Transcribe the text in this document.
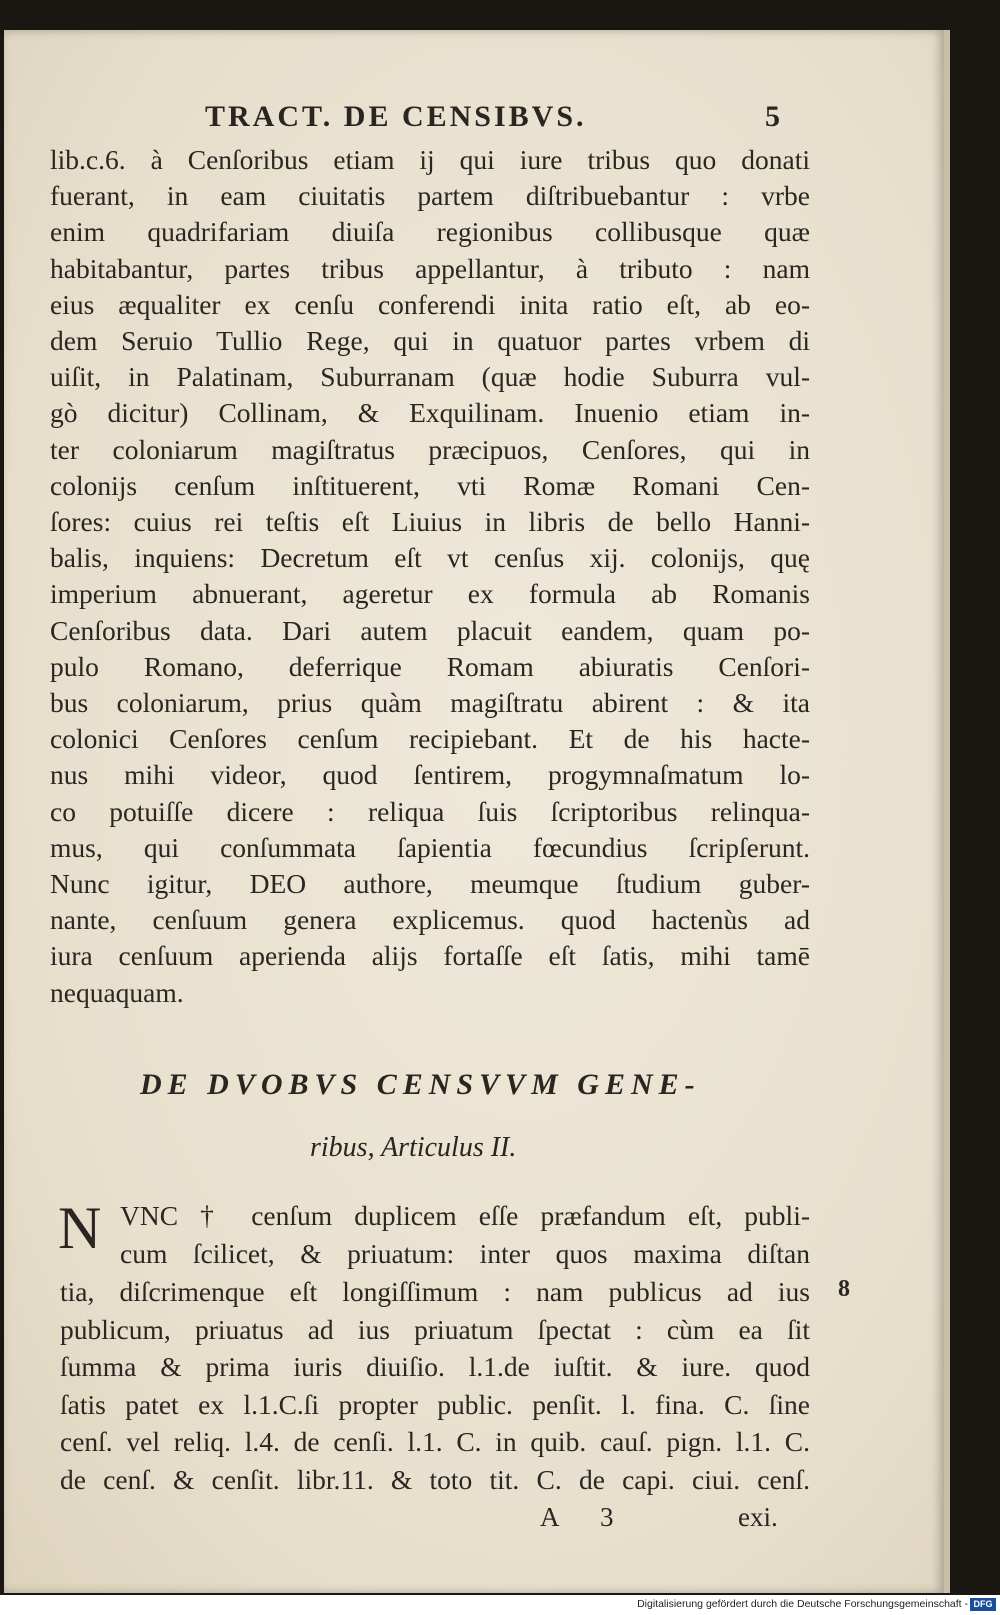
TRACT. DE CENSIBVS.	5
lib.c.6. à Cenſoribus etiam ij qui iure tribus quo donati
fuerant, in eam ciuitatis partem diſtribuebantur : vrbe
enim quadrifariam diuiſa regionibus collibusque quæ
habitabantur, partes tribus appellantur, à tributo : nam
eius æqualiter ex cenſu conferendi inita ratio eſt, ab eo-
dem Seruio Tullio Rege, qui in quatuor partes vrbem di
uiſit, in Palatinam, Suburranam (quæ hodie Suburra vul-
gò dicitur) Collinam, & Exquilinam. Inuenio etiam in-
ter coloniarum magiſtratus præcipuos, Cenſores, qui in
colonijs cenſum inſtituerent, vti Romæ Romani Cen-
ſores: cuius rei teſtis eſt Liuius in libris de bello Hanni-
balis, inquiens: Decretum eſt vt cenſus xij. colonijs, quę
imperium abnuerant, ageretur ex formula ab Romanis
Cenſoribus data. Dari autem placuit eandem, quam po-
pulo Romano, deferrique Romam abiuratis Cenſori-
bus coloniarum, prius quàm magiſtratu abirent : & ita
colonici Cenſores cenſum recipiebant. Et de his hacte-
nus mihi videor, quod ſentirem, progymnaſmatum lo-
co potuiſſe dicere : reliqua ſuis ſcriptoribus relinqua-
mus, qui conſummata ſapientia fœcundius ſcripſerunt.
Nunc igitur, DEO authore, meumque ſtudium guber-
nante, cenſuum genera explicemus. quod hactenùs ad
iura cenſuum aperienda alijs fortaſſe eſt ſatis, mihi tamē
nequaquam.
DE DVOBVS CENSVVM GENE-
ribus, Articulus II.
N VNC † cenſum duplicem eſſe præfandum eſt, publi-
cum ſcilicet, & priuatum: inter quos maxima diſtan
tia, diſcrimenque eſt longiſſimum : nam publicus ad ius
publicum, priuatus ad ius priuatum ſpectat : cùm ea ſit
ſumma & prima iuris diuiſio. l.1.de iuſtit. & iure. quod
ſatis patet ex l.1.C.ſi propter public. penſit. l. fina. C. ſine
cenſ. vel reliq. l.4. de cenſi. l.1. C. in quib. cauſ. pign. l.1. C.
de cenſ. & cenſit. libr.11. & toto tit. C. de capi. ciui. cenſ.
8
A 3	exi.
Digitalisierung gefördert durch die Deutsche Forschungsgemeinschaft - DFG
